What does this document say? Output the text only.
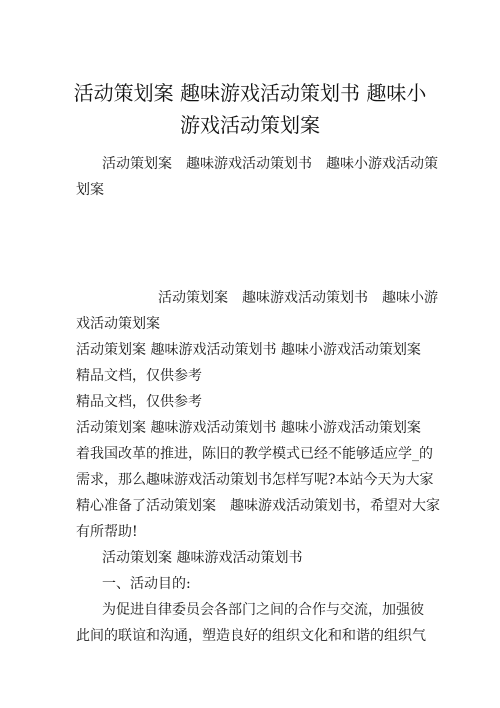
活动策划案 趣味游戏活动策划书 趣味小
游戏活动策划案
活动策划案　趣味游戏活动策划书　趣味小游戏活动策
划案
活动策划案　趣味游戏活动策划书　趣味小游
戏活动策划案
活动策划案 趣味游戏活动策划书 趣味小游戏活动策划案
精品文档，仅供参考
精品文档，仅供参考
活动策划案 趣味游戏活动策划书 趣味小游戏活动策划案
着我国改革的推进，陈旧的教学模式已经不能够适应学_的
需求，那么趣味游戏活动策划书怎样写呢?本站今天为大家
精心准备了活动策划案　趣味游戏活动策划书，希望对大家
有所帮助!
活动策划案 趣味游戏活动策划书
一、活动目的:
为促进自律委员会各部门之间的合作与交流，加强彼
此间的联谊和沟通，塑造良好的组织文化和和谐的组织气
